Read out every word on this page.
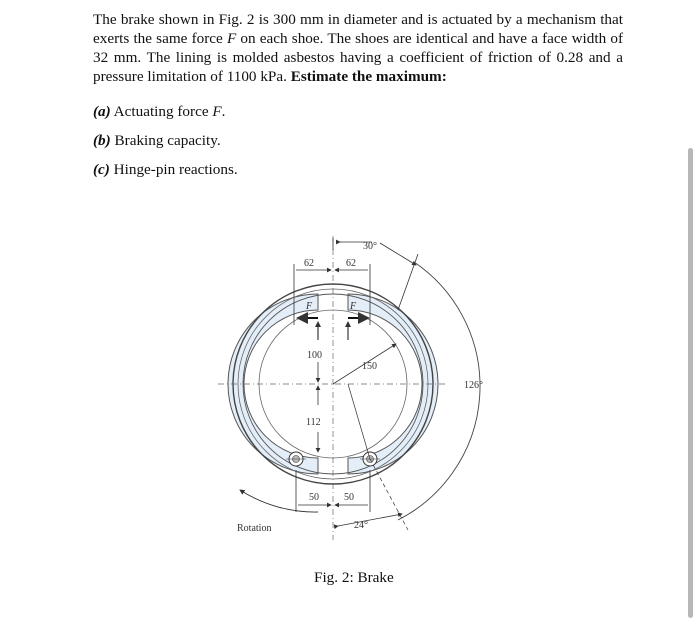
The brake shown in Fig. 2 is 300 mm in diameter and is actuated by a mechanism that exerts the same force F on each shoe. The shoes are identical and have a face width of 32 mm. The lining is molded asbestos having a coefficient of friction of 0.28 and a pressure limitation of 1100 kPa. Estimate the maximum:
(a) Actuating force F.
(b) Braking capacity.
(c) Hinge-pin reactions.
62	62
30°
126°
F	F
100
112
150
50	50
24°
Rotation
Fig. 2: Brake
